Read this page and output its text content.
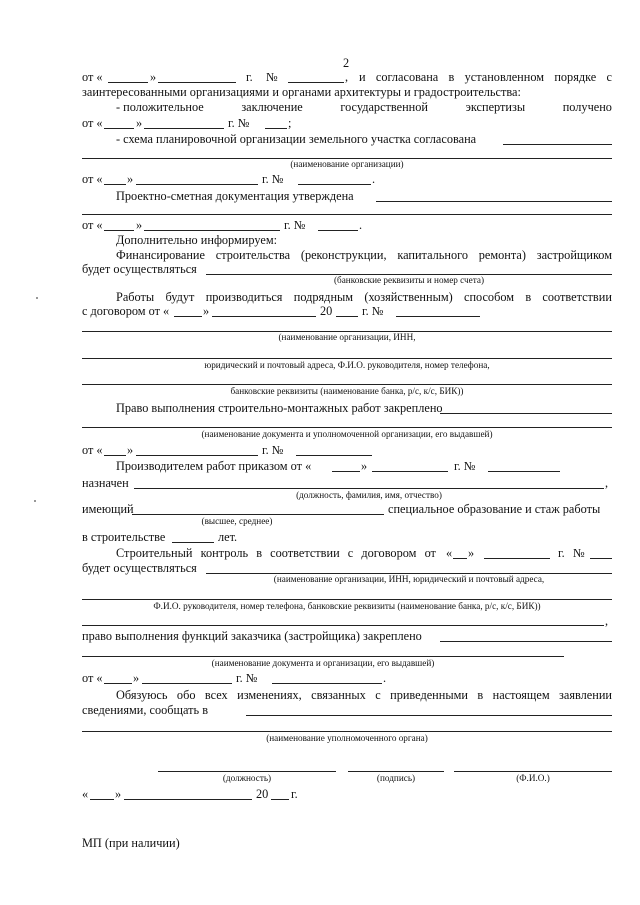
2
от «	»	г. №	, и согласована в установленном порядке с
заинтересованными организациями и органами архитектуры и градостроительства:
- положительное	заключение	государственной	экспертизы	получено
от «	»	г. №	;
- схема планировочной организации земельного участка согласована
(наименование организации)
от « »	г. №	.
Проектно-сметная документация утверждена
от «	»	г. №	.
Дополнительно информируем:
Финансирование строительства (реконструкции, капитального ремонта) застройщиком
будет осуществляться
(банковские реквизиты и номер счета)
Работы будут производиться подрядным (хозяйственным) способом в соответствии
с договором от «	»	20 г. №
(наименование организации, ИНН,
юридический и почтовый адреса, Ф.И.О. руководителя, номер телефона,
банковские реквизиты (наименование банка, р/с, к/с, БИК))
Право выполнения строительно-монтажных работ закреплено
(наименование документа и уполномоченной организации, его выдавшей)
от « »	г. №
Производителем работ приказом от «	»	г. №
назначен	,
(должность, фамилия, имя, отчество)
имеющий	специальное образование и стаж работы
(высшее, среднее)
в строительстве	лет.
Строительный контроль в соответствии с договором от « »	г. №
будет осуществляться
(наименование организации, ИНН, юридический и почтовый адреса,
Ф.И.О. руководителя, номер телефона, банковские реквизиты (наименование банка, р/с, к/с, БИК))
,
право выполнения функций заказчика (застройщика) закреплено
(наименование документа и организации, его выдавшей)
от « »	г. №	.
Обязуюсь обо всех изменениях, связанных с приведенными в настоящем заявлении
сведениями, сообщать в
(наименование уполномоченного органа)
(должность)	(подпись)	(Ф.И.О.)
« »	20 г.
МП (при наличии)
